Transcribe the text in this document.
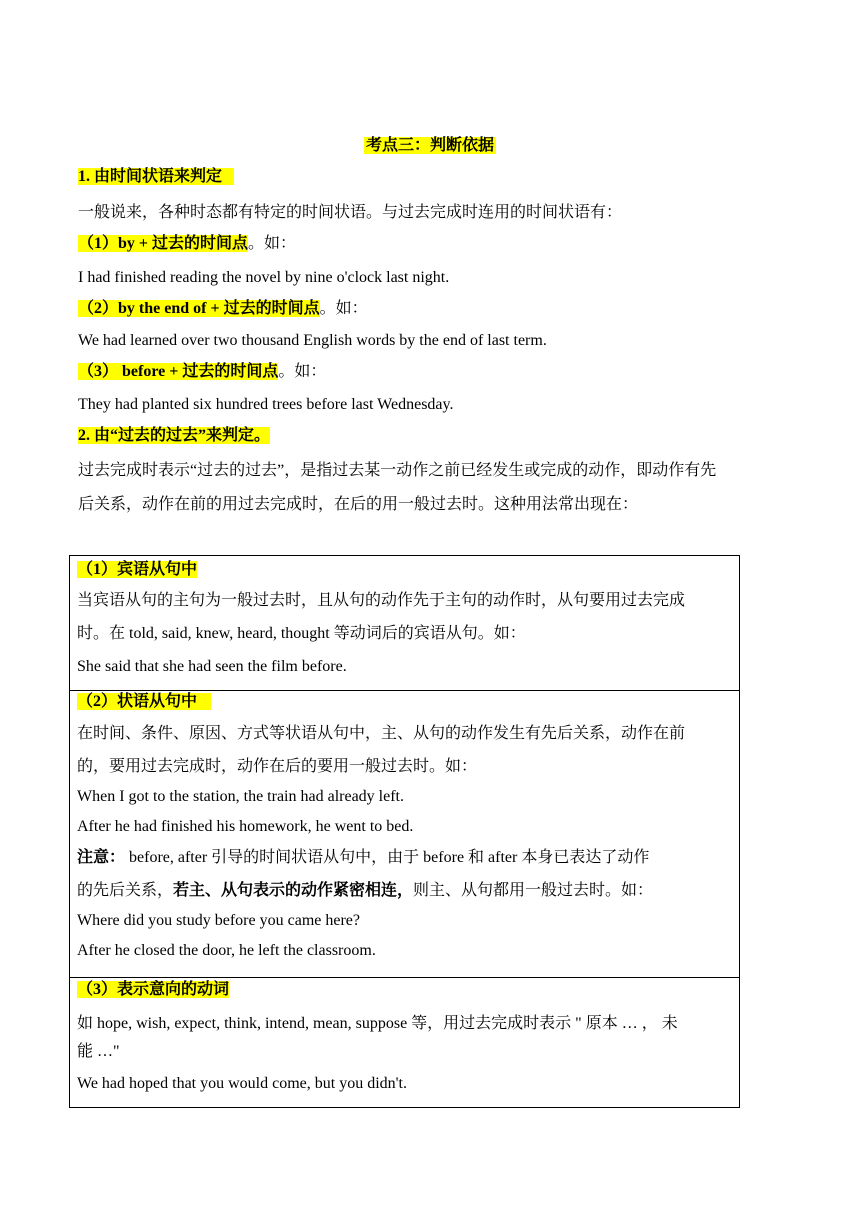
考点三：判断依据
1. 由时间状语来判定
一般说来，各种时态都有特定的时间状语。与过去完成时连用的时间状语有：
（1）by + 过去的时间点。如：
I had finished reading the novel by nine o'clock last night.
（2）by the end of + 过去的时间点。如：
We had learned over two thousand English words by the end of last term.
（3） before + 过去的时间点。如：
They had planted six hundred trees before last Wednesday.
2. 由“过去的过去”来判定。
过去完成时表示“过去的过去”，是指过去某一动作之前已经发生或完成的动作，即动作有先
后关系，动作在前的用过去完成时，在后的用一般过去时。这种用法常出现在：
（1）宾语从句中
当宾语从句的主句为一般过去时，且从句的动作先于主句的动作时，从句要用过去完成
时。在 told, said, knew, heard, thought 等动词后的宾语从句。如：
She said that she had seen the film before.

（2）状语从句中
在时间、条件、原因、方式等状语从句中，主、从句的动作发生有先后关系，动作在前
的，要用过去完成时，动作在后的要用一般过去时。如：
When I got to the station, the train had already left.
After he had finished his homework, he went to bed.
注意： before, after 引导的时间状语从句中，由于 before 和 after 本身已表达了动作
的先后关系，若主、从句表示的动作紧密相连，则主、从句都用一般过去时。如：
Where did you study before you came here?
After he closed the door, he left the classroom.

（3）表示意向的动词
如 hope, wish, expect, think, intend, mean, suppose 等，用过去完成时表示 " 原本 … ， 未
能 …"
We had hoped that you would come, but you didn't.
